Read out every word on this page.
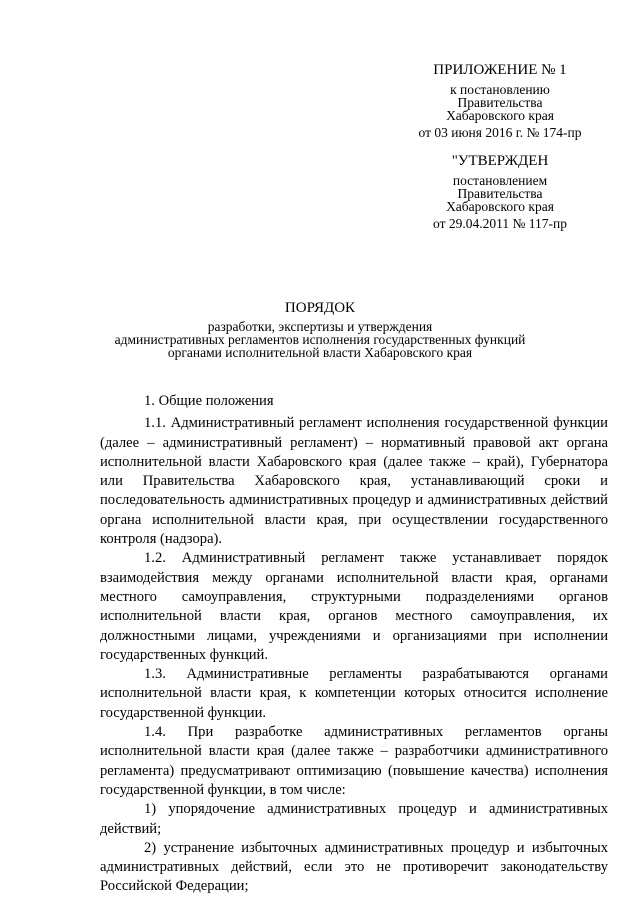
ПРИЛОЖЕНИЕ № 1
к постановлению
Правительства
Хабаровского края
от 03 июня 2016 г. № 174-пр
"УТВЕРЖДЕН
постановлением
Правительства
Хабаровского края
от 29.04.2011 № 117-пр
ПОРЯДОК
разработки, экспертизы и утверждения
административных регламентов исполнения государственных функций
органами исполнительной власти Хабаровского края

1. Общие положения

1.1. Административный регламент исполнения государственной функции (далее – административный регламент) – нормативный правовой акт органа исполнительной власти Хабаровского края (далее также – край), Губернатора или Правительства Хабаровского края, устанавливающий сроки и последовательность административных процедур и административных действий органа исполнительной власти края, при осуществлении государственного контроля (надзора).

1.2. Административный регламент также устанавливает порядок взаимодействия между органами исполнительной власти края, органами местного самоуправления, структурными подразделениями органов исполнительной власти края, органов местного самоуправления, их должностными лицами, учреждениями и организациями при исполнении государственных функций.

1.3. Административные регламенты разрабатываются органами исполнительной власти края, к компетенции которых относится исполнение государственной функции.

1.4. При разработке административных регламентов органы исполнительной власти края (далее также – разработчики административного регламента) предусматривают оптимизацию (повышение качества) исполнения государственной функции, в том числе:

1) упорядочение административных процедур и административных действий;

2) устранение избыточных административных процедур и избыточных административных действий, если это не противоречит законодательству Российской Федерации;
